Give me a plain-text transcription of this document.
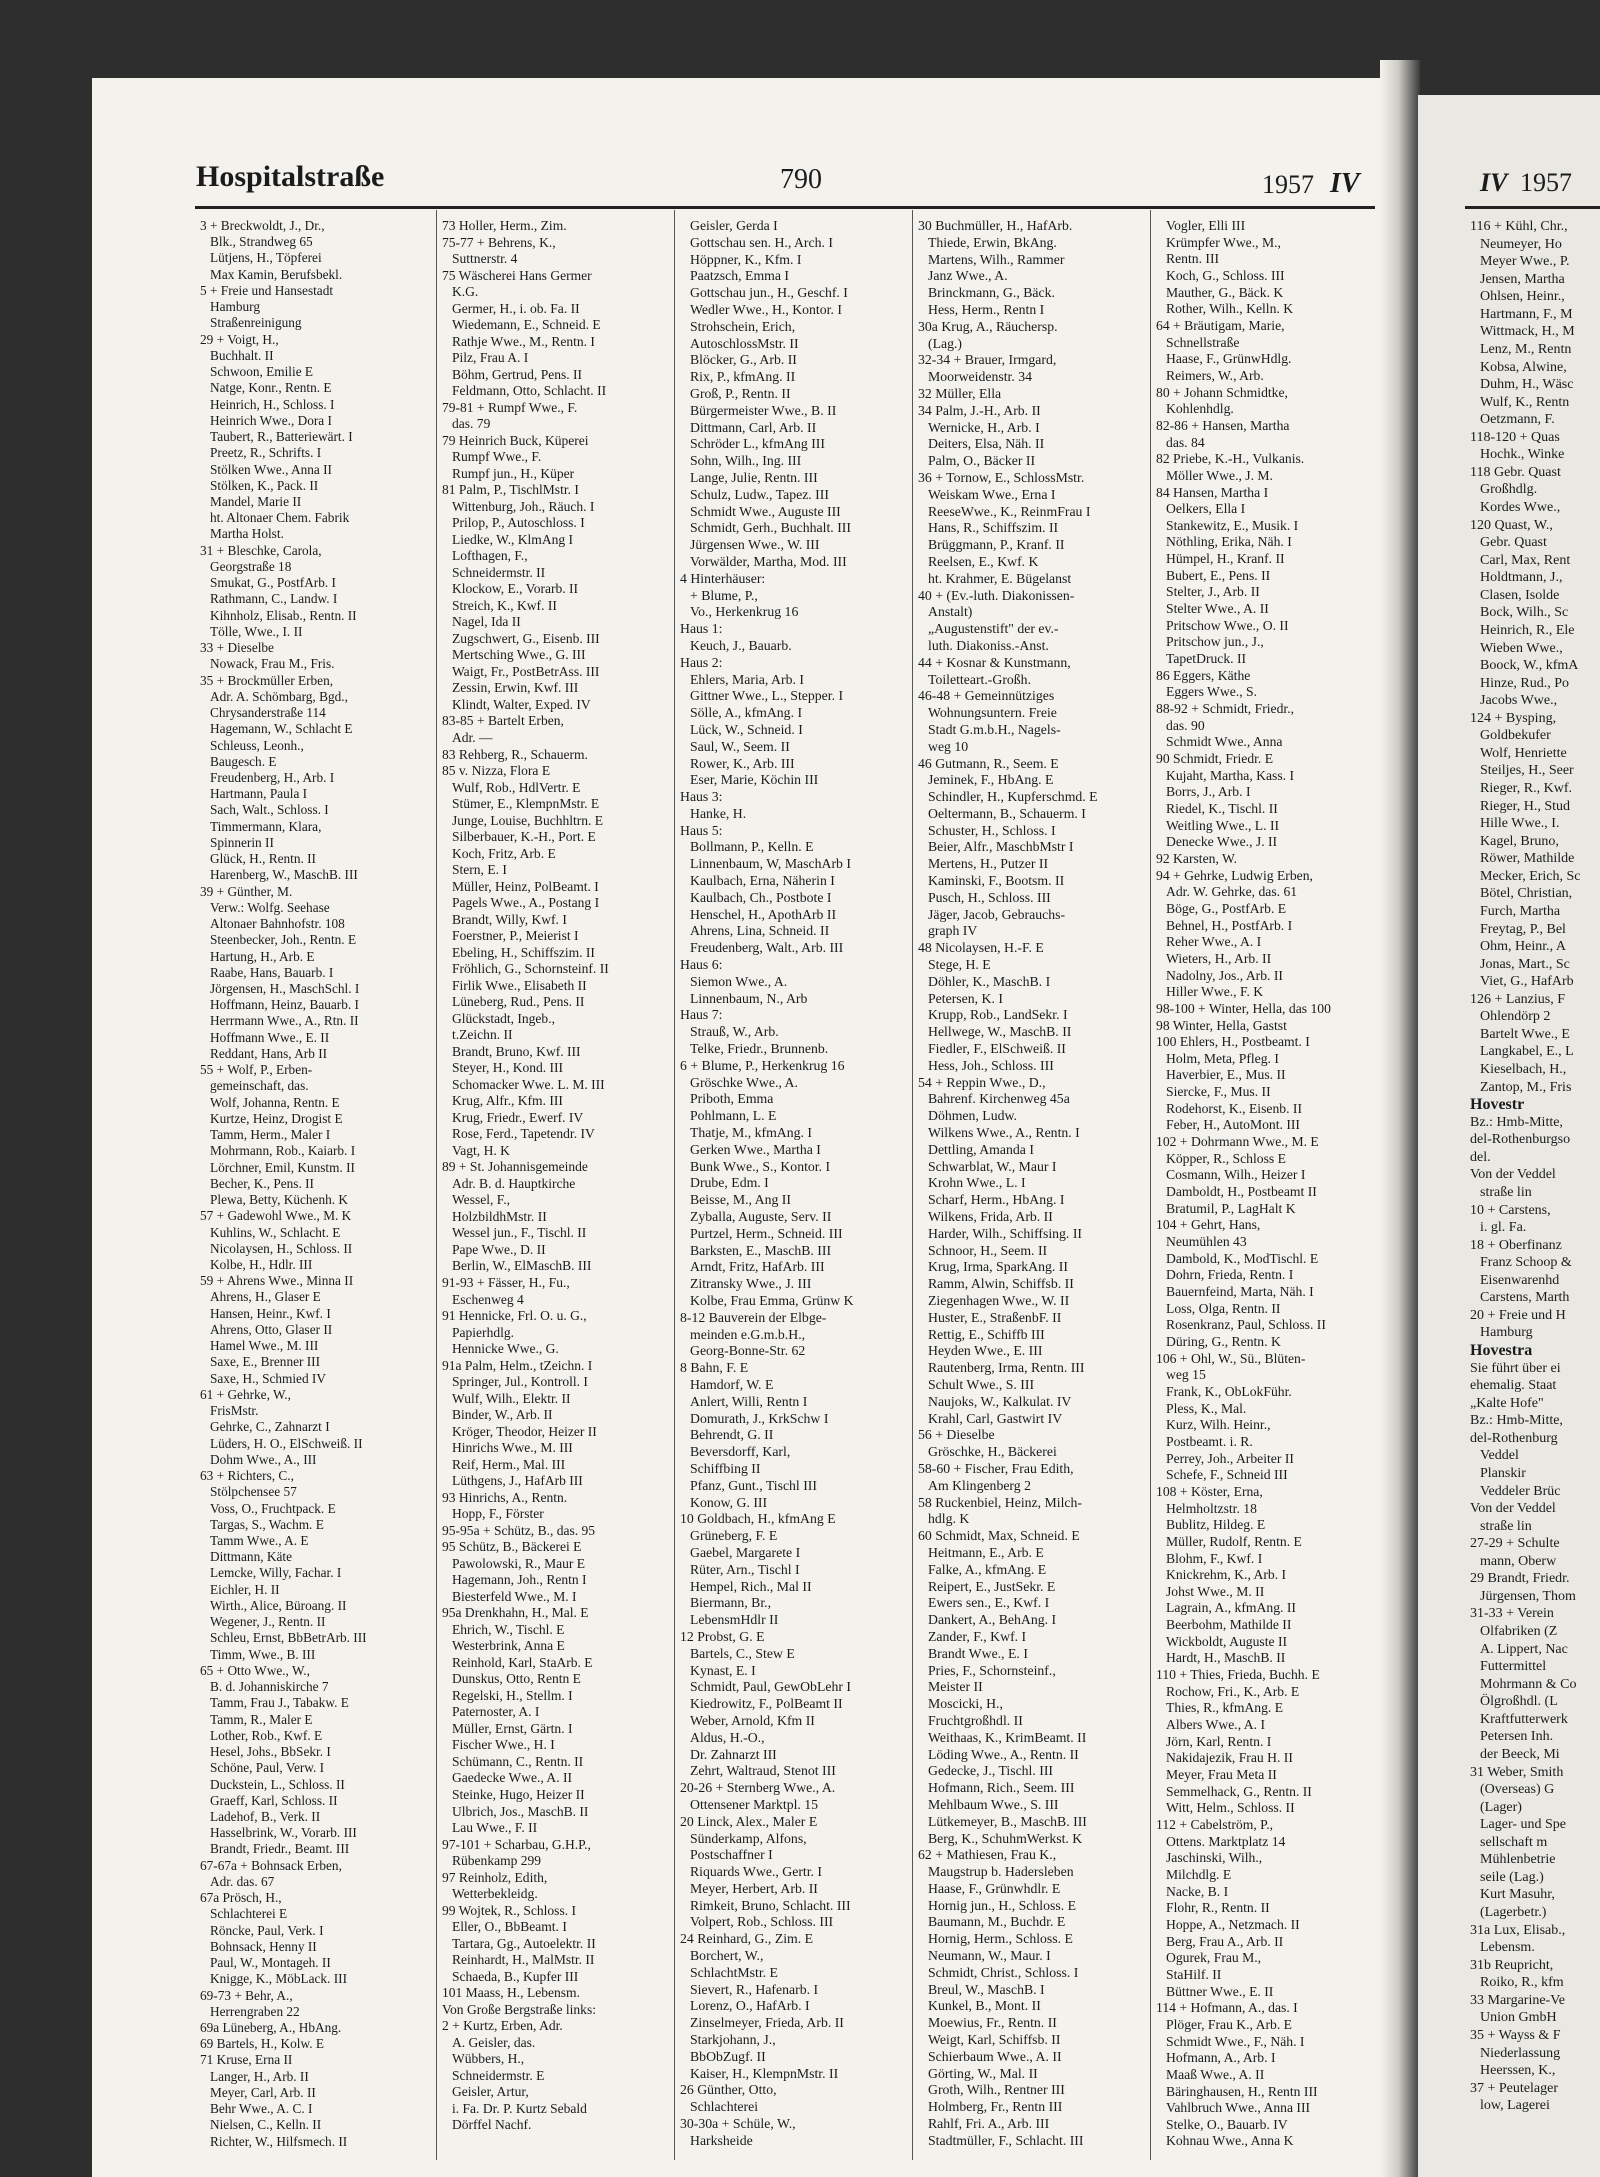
Hospitalstraße	790	1957 IV	IV 1957
3 + Breckwoldt, J., Dr.,
Blk., Strandweg 65
Lütjens, H., Töpferei
Max Kamin, Berufsbekl.
5 + Freie und Hansestadt
Hamburg
Straßenreinigung
29 + Voigt, H.,
Buchhalt. II
Schwoon, Emilie E
Natge, Konr., Rentn. E
Heinrich, H., Schloss. I
Heinrich Wwe., Dora I
Taubert, R., Batteriewärt. I
Preetz, R., Schrifts. I
Stölken Wwe., Anna II
Stölken, K., Pack. II
Mandel, Marie II
ht. Altonaer Chem. Fabrik
Martha Holst.
31 + Bleschke, Carola,
Georgstraße 18
Smukat, G., PostfArb. I
Rathmann, C., Landw. I
Kihnholz, Elisab., Rentn. II
Tölle, Wwe., I. II
33 + Dieselbe
Nowack, Frau M., Fris.
35 + Brockmüller Erben,
Adr. A. Schömbarg, Bgd.,
Chrysanderstraße 114
Hagemann, W., Schlacht E
Schleuss, Leonh.,
Baugesch. E
Freudenberg, H., Arb. I
Hartmann, Paula I
Sach, Walt., Schloss. I
Timmermann, Klara,
Spinnerin II
Glück, H., Rentn. II
Harenberg, W., MaschB. III
39 + Günther, M.
Verw.: Wolfg. Seehase
Altonaer Bahnhofstr. 108
Steenbecker, Joh., Rentn. E
Hartung, H., Arb. E
Raabe, Hans, Bauarb. I
Jörgensen, H., MaschSchl. I
Hoffmann, Heinz, Bauarb. I
Herrmann Wwe., A., Rtn. II
Hoffmann Wwe., E. II
Reddant, Hans, Arb II
55 + Wolf, P., Erben-
gemeinschaft, das.
Wolf, Johanna, Rentn. E
Kurtze, Heinz, Drogist E
Tamm, Herm., Maler I
Mohrmann, Rob., Kaiarb. I
Lörchner, Emil, Kunstm. II
Becher, K., Pens. II
Plewa, Betty, Küchenh. K
57 + Gadewohl Wwe., M. K
Kuhlins, W., Schlacht. E
Nicolaysen, H., Schloss. II
Kolbe, H., Hdlr. III
59 + Ahrens Wwe., Minna II
Ahrens, H., Glaser E
Hansen, Heinr., Kwf. I
Ahrens, Otto, Glaser II
Hamel Wwe., M. III
Saxe, E., Brenner III
Saxe, H., Schmied IV
61 + Gehrke, W.,
FrisMstr.
Gehrke, C., Zahnarzt I
Lüders, H. O., ElSchweiß. II
Dohm Wwe., A., III
63 + Richters, C.,
Stölpchensee 57
Voss, O., Fruchtpack. E
Targas, S., Wachm. E
Tamm Wwe., A. E
Dittmann, Käte
Lemcke, Willy, Fachar. I
Eichler, H. II
Wirth., Alice, Büroang. II
Wegener, J., Rentn. II
Schleu, Ernst, BbBetrArb. III
Timm, Wwe., B. III
65 + Otto Wwe., W.,
B. d. Johanniskirche 7
Tamm, Frau J., Tabakw. E
Tamm, R., Maler E
Lother, Rob., Kwf. E
Hesel, Johs., BbSekr. I
Schöne, Paul, Verw. I
Duckstein, L., Schloss. II
Graeff, Karl, Schloss. II
Ladehof, B., Verk. II
Hasselbrink, W., Vorarb. III
Brandt, Friedr., Beamt. III
67-67a + Bohnsack Erben,
Adr. das. 67
67a Prösch, H.,
Schlachterei E
Röncke, Paul, Verk. I
Bohnsack, Henny II
Paul, W., Montageh. II
Knigge, K., MöbLack. III
69-73 + Behr, A.,
Herrengraben 22
69a Lüneberg, A., HbAng.
69 Bartels, H., Kolw. E
71 Kruse, Erna II
Langer, H., Arb. II
Meyer, Carl, Arb. II
Behr Wwe., A. C. I
Nielsen, C., Kelln. II
Richter, W., Hilfsmech. II
73 Holler, Herm., Zim.
75-77 + Behrens, K.,
Suttnerstr. 4
75 Wäscherei Hans Germer
K.G.
Germer, H., i. ob. Fa. II
Wiedemann, E., Schneid. E
Rathje Wwe., M., Rentn. I
Pilz, Frau A. I
Böhm, Gertrud, Pens. II
Feldmann, Otto, Schlacht. II
79-81 + Rumpf Wwe., F.
das. 79
79 Heinrich Buck, Küperei
Rumpf Wwe., F.
Rumpf jun., H., Küper
81 Palm, P., TischlMstr. I
Wittenburg, Joh., Räuch. I
Prilop, P., Autoschloss. I
Liedke, W., KlmAng I
Lofthagen, F.,
Schneidermstr. II
Klockow, E., Vorarb. II
Streich, K., Kwf. II
Nagel, Ida II
Zugschwert, G., Eisenb. III
Mertsching Wwe., G. III
Waigt, Fr., PostBetrAss. III
Zessin, Erwin, Kwf. III
Klindt, Walter, Exped. IV
83-85 + Bartelt Erben,
Adr. —
83 Rehberg, R., Schauerm.
85 v. Nizza, Flora E
Wulf, Rob., HdlVertr. E
Stümer, E., KlempnMstr. E
Junge, Louise, Buchhltrn. E
Silberbauer, K.-H., Port. E
Koch, Fritz, Arb. E
Stern, E. I
Müller, Heinz, PolBeamt. I
Pagels Wwe., A., Postang I
Brandt, Willy, Kwf. I
Foerstner, P., Meierist I
Ebeling, H., Schiffszim. II
Fröhlich, G., Schornsteinf. II
Firlik Wwe., Elisabeth II
Lüneberg, Rud., Pens. II
Glückstadt, Ingeb.,
t.Zeichn. II
Brandt, Bruno, Kwf. III
Steyer, H., Kond. III
Schomacker Wwe. L. M. III
Krug, Alfr., Kfm. III
Krug, Friedr., Ewerf. IV
Rose, Ferd., Tapetendr. IV
Vagt, H. K
89 + St. Johannisgemeinde
Adr. B. d. Hauptkirche
Wessel, F.,
HolzbildhMstr. II
Wessel jun., F., Tischl. II
Pape Wwe., D. II
Berlin, W., ElMaschB. III
91-93 + Fässer, H., Fu.,
Eschenweg 4
91 Hennicke, Frl. O. u. G.,
Papierhdlg.
Hennicke Wwe., G.
91a Palm, Helm., tZeichn. I
Springer, Jul., Kontroll. I
Wulf, Wilh., Elektr. II
Binder, W., Arb. II
Kröger, Theodor, Heizer II
Hinrichs Wwe., M. III
Reif, Herm., Mal. III
Lüthgens, J., HafArb III
93 Hinrichs, A., Rentn.
Hopp, F., Förster
95-95a + Schütz, B., das. 95
95 Schütz, B., Bäckerei E
Pawolowski, R., Maur E
Hagemann, Joh., Rentn I
Biesterfeld Wwe., M. I
95a Drenkhahn, H., Mal. E
Ehrich, W., Tischl. E
Westerbrink, Anna E
Reinhold, Karl, StaArb. E
Dunskus, Otto, Rentn E
Regelski, H., Stellm. I
Paternoster, A. I
Müller, Ernst, Gärtn. I
Fischer Wwe., H. I
Schümann, C., Rentn. II
Gaedecke Wwe., A. II
Steinke, Hugo, Heizer II
Ulbrich, Jos., MaschB. II
Lau Wwe., F. II
97-101 + Scharbau, G.H.P.,
Rübenkamp 299
97 Reinholz, Edith,
Wetterbekleidg.
99 Wojtek, R., Schloss. I
Eller, O., BbBeamt. I
Tartara, Gg., Autoelektr. II
Reinhardt, H., MalMstr. II
Schaeda, B., Kupfer III
101 Maass, H., Lebensm.
Von Große Bergstraße links:
2 + Kurtz, Erben, Adr.
A. Geisler, das.
Wübbers, H.,
Schneidermstr. E
Geisler, Artur,
i. Fa. Dr. P. Kurtz Sebald
Dörffel Nachf.
Geisler, Gerda I
Gottschau sen. H., Arch. I
Höppner, K., Kfm. I
Paatzsch, Emma I
Gottschau jun., H., Geschf. I
Wedler Wwe., H., Kontor. I
Strohschein, Erich,
AutoschlossMstr. II
Blöcker, G., Arb. II
Rix, P., kfmAng. II
Groß, P., Rentn. II
Bürgermeister Wwe., B. II
Dittmann, Carl, Arb. II
Schröder L., kfmAng III
Sohn, Wilh., Ing. III
Lange, Julie, Rentn. III
Schulz, Ludw., Tapez. III
Schmidt Wwe., Auguste III
Schmidt, Gerh., Buchhalt. III
Jürgensen Wwe., W. III
Vorwälder, Martha, Mod. III
4 Hinterhäuser:
+ Blume, P.,
Vo., Herkenkrug 16
Haus 1:
Keuch, J., Bauarb.
Haus 2:
Ehlers, Maria, Arb. I
Gittner Wwe., L., Stepper. I
Sölle, A., kfmAng. I
Lück, W., Schneid. I
Saul, W., Seem. II
Rower, K., Arb. III
Eser, Marie, Köchin III
Haus 3:
Hanke, H.
Haus 5:
Bollmann, P., Kelln. E
Linnenbaum, W, MaschArb I
Kaulbach, Erna, Näherin I
Kaulbach, Ch., Postbote I
Henschel, H., ApothArb II
Ahrens, Lina, Schneid. II
Freudenberg, Walt., Arb. III
Haus 6:
Siemon Wwe., A.
Linnenbaum, N., Arb
Haus 7:
Strauß, W., Arb.
Telke, Friedr., Brunnenb.
6 + Blume, P., Herkenkrug 16
Gröschke Wwe., A.
Priboth, Emma
Pohlmann, L. E
Thatje, M., kfmAng. I
Gerken Wwe., Martha I
Bunk Wwe., S., Kontor. I
Drube, Edm. I
Beisse, M., Ang II
Zyballa, Auguste, Serv. II
Purtzel, Herm., Schneid. III
Barksten, E., MaschB. III
Arndt, Fritz, HafArb. III
Zitransky Wwe., J. III
Kolbe, Frau Emma, Grünw K
8-12 Bauverein der Elbge-
meinden e.G.m.b.H.,
Georg-Bonne-Str. 62
8 Bahn, F. E
Hamdorf, W. E
Anlert, Willi, Rentn I
Domurath, J., KrkSchw I
Behrendt, G. II
Beversdorff, Karl,
Schiffbing II
Pfanz, Gunt., Tischl III
Konow, G. III
10 Goldbach, H., kfmAng E
Grüneberg, F. E
Gaebel, Margarete I
Rüter, Arn., Tischl I
Hempel, Rich., Mal II
Biermann, Br.,
LebensmHdlr II
12 Probst, G. E
Bartels, C., Stew E
Kynast, E. I
Schmidt, Paul, GewObLehr I
Kiedrowitz, F., PolBeamt II
Weber, Arnold, Kfm II
Aldus, H.-O.,
Dr. Zahnarzt III
Zehrt, Waltraud, Stenot III
20-26 + Sternberg Wwe., A.
Ottensener Marktpl. 15
20 Linck, Alex., Maler E
Sünderkamp, Alfons,
Postschaffner I
Riquards Wwe., Gertr. I
Meyer, Herbert, Arb. II
Rimkeit, Bruno, Schlacht. III
Volpert, Rob., Schloss. III
24 Reinhard, G., Zim. E
Borchert, W.,
SchlachtMstr. E
Sievert, R., Hafenarb. I
Lorenz, O., HafArb. I
Zinselmeyer, Frieda, Arb. II
Starkjohann, J.,
BbObZugf. II
Kaiser, H., KlempnMstr. II
26 Günther, Otto,
Schlachterei
30-30a + Schüle, W.,
Harksheide
30 Buchmüller, H., HafArb.
Thiede, Erwin, BkAng.
Martens, Wilh., Rammer
Janz Wwe., A.
Brinckmann, G., Bäck.
Hess, Herm., Rentn I
30a Krug, A., Räuchersp.
(Lag.)
32-34 + Brauer, Irmgard,
Moorweidenstr. 34
32 Müller, Ella
34 Palm, J.-H., Arb. II
Wernicke, H., Arb. I
Deiters, Elsa, Näh. II
Palm, O., Bäcker II
36 + Tornow, E., SchlossMstr.
Weiskam Wwe., Erna I
ReeseWwe., K., ReinmFrau I
Hans, R., Schiffszim. II
Brüggmann, P., Kranf. II
Reelsen, E., Kwf. K
ht. Krahmer, E. Bügelanst
40 + (Ev.-luth. Diakonissen-
Anstalt)
„Augustenstift" der ev.-
luth. Diakoniss.-Anst.
44 + Kosnar & Kunstmann,
Toiletteart.-Großh.
46-48 + Gemeinnütziges
Wohnungsuntern. Freie
Stadt G.m.b.H., Nagels-
weg 10
46 Gutmann, R., Seem. E
Jeminek, F., HbAng. E
Schindler, H., Kupferschmd. E
Oeltermann, B., Schauerm. I
Schuster, H., Schloss. I
Beier, Alfr., MaschbMstr I
Mertens, H., Putzer II
Kaminski, F., Bootsm. II
Pusch, H., Schloss. III
Jäger, Jacob, Gebrauchs-
graph IV
48 Nicolaysen, H.-F. E
Stege, H. E
Döhler, K., MaschB. I
Petersen, K. I
Krupp, Rob., LandSekr. I
Hellwege, W., MaschB. II
Fiedler, F., ElSchweiß. II
Hess, Joh., Schloss. III
54 + Reppin Wwe., D.,
Bahrenf. Kirchenweg 45a
Döhmen, Ludw.
Wilkens Wwe., A., Rentn. I
Dettling, Amanda I
Schwarblat, W., Maur I
Krohn Wwe., L. I
Scharf, Herm., HbAng. I
Wilkens, Frida, Arb. II
Harder, Wilh., Schiffsing. II
Schnoor, H., Seem. II
Krug, Irma, SparkAng. II
Ramm, Alwin, Schiffsb. II
Ziegenhagen Wwe., W. II
Huster, E., StraßenbF. II
Rettig, E., Schiffb III
Heyden Wwe., E. III
Rautenberg, Irma, Rentn. III
Schult Wwe., S. III
Naujoks, W., Kalkulat. IV
Krahl, Carl, Gastwirt IV
56 + Dieselbe
Gröschke, H., Bäckerei
58-60 + Fischer, Frau Edith,
Am Klingenberg 2
58 Ruckenbiel, Heinz, Milch-
hdlg. K
60 Schmidt, Max, Schneid. E
Heitmann, E., Arb. E
Falke, A., kfmAng. E
Reipert, E., JustSekr. E
Ewers sen., E., Kwf. I
Dankert, A., BehAng. I
Zander, F., Kwf. I
Brandt Wwe., E. I
Pries, F., Schornsteinf.,
Meister II
Moscicki, H.,
Fruchtgroßhdl. II
Weithaas, K., KrimBeamt. II
Löding Wwe., A., Rentn. II
Gedecke, J., Tischl. III
Hofmann, Rich., Seem. III
Mehlbaum Wwe., S. III
Lütkemeyer, B., MaschB. III
Berg, K., SchuhmWerkst. K
62 + Mathiesen, Frau K.,
Maugstrup b. Hadersleben
Haase, F., Grünwhdlr. E
Hornig jun., H., Schloss. E
Baumann, M., Buchdr. E
Hornig, Herm., Schloss. E
Neumann, W., Maur. I
Schmidt, Christ., Schloss. I
Breul, W., MaschB. I
Kunkel, B., Mont. II
Moewius, Fr., Rentn. II
Weigt, Karl, Schiffsb. II
Schierbaum Wwe., A. II
Görting, W., Mal. II
Groth, Wilh., Rentner III
Holmberg, Fr., Rentn III
Rahlf, Fri. A., Arb. III
Stadtmüller, F., Schlacht. III
Vogler, Elli III
Krümpfer Wwe., M.,
Rentn. III
Koch, G., Schloss. III
Mauther, G., Bäck. K
Rother, Wilh., Kelln. K
64 + Bräutigam, Marie,
Schnellstraße
Haase, F., GrünwHdlg.
Reimers, W., Arb.
80 + Johann Schmidtke,
Kohlenhdlg.
82-86 + Hansen, Martha
das. 84
82 Priebe, K.-H., Vulkanis.
Möller Wwe., J. M.
84 Hansen, Martha I
Oelkers, Ella I
Stankewitz, E., Musik. I
Nöthling, Erika, Näh. I
Hümpel, H., Kranf. II
Bubert, E., Pens. II
Stelter, J., Arb. II
Stelter Wwe., A. II
Pritschow Wwe., O. II
Pritschow jun., J.,
TapetDruck. II
86 Eggers, Käthe
Eggers Wwe., S.
88-92 + Schmidt, Friedr.,
das. 90
Schmidt Wwe., Anna
90 Schmidt, Friedr. E
Kujaht, Martha, Kass. I
Borrs, J., Arb. I
Riedel, K., Tischl. II
Weitling Wwe., L. II
Denecke Wwe., J. II
92 Karsten, W.
94 + Gehrke, Ludwig Erben,
Adr. W. Gehrke, das. 61
Böge, G., PostfArb. E
Behnel, H., PostfArb. I
Reher Wwe., A. I
Wieters, H., Arb. II
Nadolny, Jos., Arb. II
Hiller Wwe., F. K
98-100 + Winter, Hella, das 100
98 Winter, Hella, Gastst
100 Ehlers, H., Postbeamt. I
Holm, Meta, Pfleg. I
Haverbier, E., Mus. II
Siercke, F., Mus. II
Rodehorst, K., Eisenb. II
Feber, H., AutoMont. III
102 + Dohrmann Wwe., M. E
Köpper, R., Schloss E
Cosmann, Wilh., Heizer I
Damboldt, H., Postbeamt II
Bratumil, P., LagHalt K
104 + Gehrt, Hans,
Neumühlen 43
Dambold, K., ModTischl. E
Dohrn, Frieda, Rentn. I
Bauernfeind, Marta, Näh. I
Loss, Olga, Rentn. II
Rosenkranz, Paul, Schloss. II
Düring, G., Rentn. K
106 + Ohl, W., Sü., Blüten-
weg 15
Frank, K., ObLokFühr.
Pless, K., Mal.
Kurz, Wilh. Heinr.,
Postbeamt. i. R.
Perrey, Joh., Arbeiter II
Schefe, F., Schneid III
108 + Köster, Erna,
Helmholtzstr. 18
Bublitz, Hildeg. E
Müller, Rudolf, Rentn. E
Blohm, F., Kwf. I
Knickrehm, K., Arb. I
Johst Wwe., M. II
Lagrain, A., kfmAng. II
Beerbohm, Mathilde II
Wickboldt, Auguste II
Hardt, H., MaschB. II
110 + Thies, Frieda, Buchh. E
Rochow, Fri., K., Arb. E
Thies, R., kfmAng. E
Albers Wwe., A. I
Jörn, Karl, Rentn. I
Nakidajezik, Frau H. II
Meyer, Frau Meta II
Semmelhack, G., Rentn. II
Witt, Helm., Schloss. II
112 + Cabelström, P.,
Ottens. Marktplatz 14
Jaschinski, Wilh.,
Milchdlg. E
Nacke, B. I
Flohr, R., Rentn. II
Hoppe, A., Netzmach. II
Berg, Frau A., Arb. II
Ogurek, Frau M.,
StaHilf. II
Büttner Wwe., E. II
114 + Hofmann, A., das. I
Plöger, Frau K., Arb. E
Schmidt Wwe., F., Näh. I
Hofmann, A., Arb. I
Maaß Wwe., A. II
Bäringhausen, H., Rentn III
Vahlbruch Wwe., Anna III
Stelke, O., Bauarb. IV
Kohnau Wwe., Anna K
116 + Kühl, Chr.,
Neumeyer, Ho
Meyer Wwe., P.
Jensen, Martha
Ohlsen, Heinr.,
Hartmann, F., M
Wittmack, H., M
Lenz, M., Rentn
Kobsa, Alwine,
Duhm, H., Wäsc
Wulf, K., Rentn
Oetzmann, F.
118-120 + Quas
Hochk., Winke
118 Gebr. Quast
Großhdlg.
Kordes Wwe.,
120 Quast, W.,
Gebr. Quast
Carl, Max, Rent
Holdtmann, J.,
Clasen, Isolde
Bock, Wilh., Sc
Heinrich, R., Ele
Wieben Wwe.,
Boock, W., kfmA
Hinze, Rud., Po
Jacobs Wwe.,
124 + Bysping,
Goldbekufer
Wolf, Henriette
Steiljes, H., Seer
Rieger, R., Kwf.
Rieger, H., Stud
Hille Wwe., I.
Kagel, Bruno,
Röwer, Mathilde
Mecker, Erich, Sc
Bötel, Christian,
Furch, Martha
Freytag, P., Bel
Ohm, Heinr., A
Jonas, Mart., Sc
Viet, G., HafArb
126 + Lanzius, F
Ohlendörp 2
Bartelt Wwe., E
Langkabel, E., L
Kieselbach, H.,
Zantop, M., Fris
Hovestr
Bz.: Hmb-Mitte,
del-Rothenburgso
del.
Von der Veddel
straße lin
10 + Carstens,
i. gl. Fa.
18 + Oberfinanz
Franz Schoop &
Eisenwarenhd
Carstens, Marth
20 + Freie und H
Hamburg
Hovestra
Sie führt über ei
ehemalig. Staat
„Kalte Hofe"
Bz.: Hmb-Mitte,
del-Rothenburg
Veddel
Planskir
Veddeler Brüc
Von der Veddel
straße lin
27-29 + Schulte
mann, Oberw
29 Brandt, Friedr.
Jürgensen, Thom
31-33 + Verein
Olfabriken (Z
A. Lippert, Nac
Futtermittel
Mohrmann & Co
Ölgroßhdl. (L
Kraftfutterwerk
Petersen Inh.
der Beeck, Mi
31 Weber, Smith
(Overseas) G
(Lager)
Lager- und Spe
sellschaft m
Mühlenbetrie
seile (Lag.)
Kurt Masuhr,
(Lagerbetr.)
31a Lux, Elisab.,
Lebensm.
31b Reupricht,
Roiko, R., kfm
33 Margarine-Ve
Union GmbH
35 + Wayss & F
Niederlassung
Heerssen, K.,
37 + Peutelager
low, Lagerei
